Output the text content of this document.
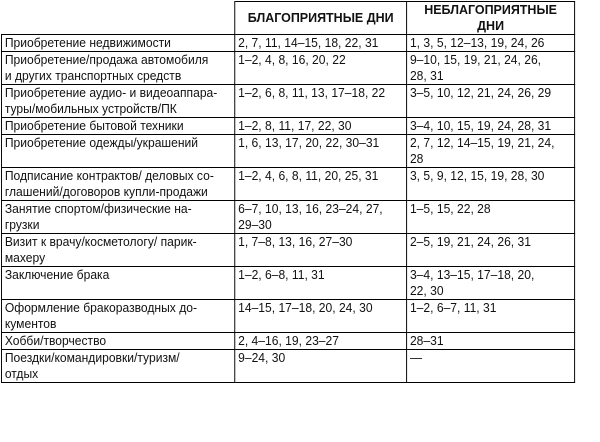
	БЛАГОПРИЯТНЫЕ ДНИ	НЕБЛАГОПРИЯТНЫЕ ДНИ
Приобретение недвижимости	2, 7, 11, 14–15, 18, 22, 31	1, 3, 5, 12–13, 19, 24, 26
Приобретение/продажа автомобиля
и других транспортных средств	1–2, 4, 8, 16, 20, 22	9–10, 15, 19, 21, 24, 26,
28, 31
Приобретение аудио- и видеоаппара-
туры/мобильных устройств/ПК	1–2, 6, 8, 11, 13, 17–18, 22	3–5, 10, 12, 21, 24, 26, 29
Приобретение бытовой техники	1–2, 8, 11, 17, 22, 30	3–4, 10, 15, 19, 24, 28, 31
Приобретение одежды/украшений	1, 6, 13, 17, 20, 22, 30–31	2, 7, 12, 14–15, 19, 21, 24, 28
Подписание контрактов/ деловых со-
глашений/договоров купли-продажи	1–2, 4, 6, 8, 11, 20, 25, 31	3, 5, 9, 12, 15, 19, 28, 30
Занятие спортом/физические на-
грузки	6–7, 10, 13, 16, 23–24, 27,
29–30	1–5, 15, 22, 28
Визит к врачу/косметологу/ парик-
махеру	1, 7–8, 13, 16, 27–30	2–5, 19, 21, 24, 26, 31
Заключение брака	1–2, 6–8, 11, 31	3–4, 13–15, 17–18, 20,
22, 30
Оформление бракоразводных до-
кументов	14–15, 17–18, 20, 24, 30	1–2, 6–7, 11, 31
Хобби/творчество	2, 4–16, 19, 23–27	28–31
Поездки/командировки/туризм/
отдых	9–24, 30	—
